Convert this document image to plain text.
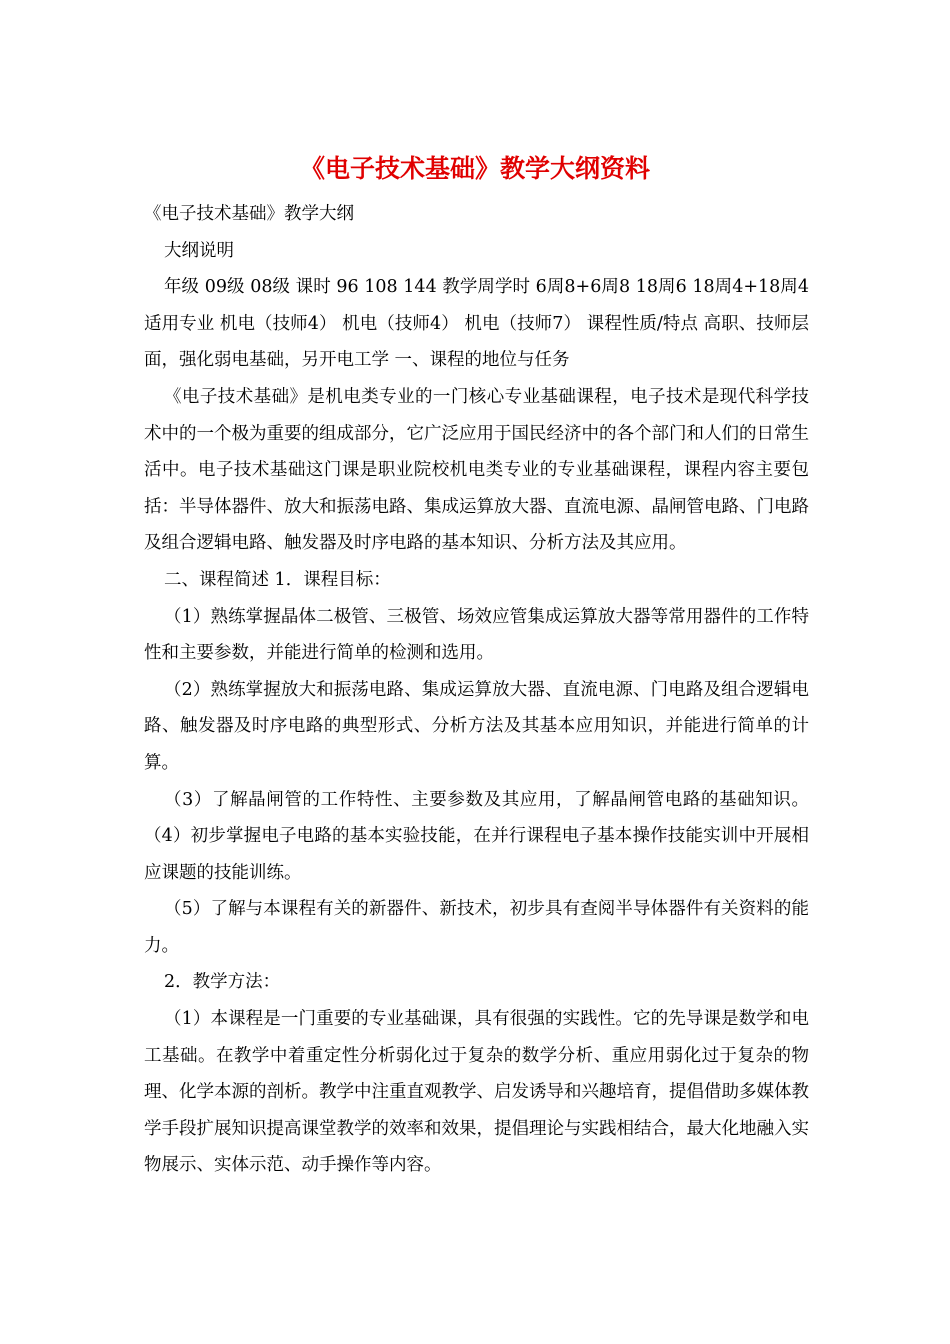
《电子技术基础》教学大纲资料

《电子技术基础》教学大纲

大纲说明

年级 09级 08级 课时 96 108 144 教学周学时 6周8+6周8 18周6 18周4+18周4 适用专业 机电（技师4） 机电（技师4） 机电（技师7） 课程性质/特点 高职、技师层面，强化弱电基础，另开电工学 一、课程的地位与任务

《电子技术基础》是机电类专业的一门核心专业基础课程，电子技术是现代科学技术中的一个极为重要的组成部分，它广泛应用于国民经济中的各个部门和人们的日常生活中。电子技术基础这门课是职业院校机电类专业的专业基础课程，课程内容主要包括：半导体器件、放大和振荡电路、集成运算放大器、直流电源、晶闸管电路、门电路及组合逻辑电路、触发器及时序电路的基本知识、分析方法及其应用。

二、课程简述 1．课程目标：

（1）熟练掌握晶体二极管、三极管、场效应管集成运算放大器等常用器件的工作特性和主要参数，并能进行简单的检测和选用。

（2）熟练掌握放大和振荡电路、集成运算放大器、直流电源、门电路及组合逻辑电路、触发器及时序电路的典型形式、分析方法及其基本应用知识，并能进行简单的计算。

（3）了解晶闸管的工作特性、主要参数及其应用，了解晶闸管电路的基础知识。 （4）初步掌握电子电路的基本实验技能，在并行课程电子基本操作技能实训中开展相应课题的技能训练。

（5）了解与本课程有关的新器件、新技术，初步具有查阅半导体器件有关资料的能力。

2．教学方法：

（1）本课程是一门重要的专业基础课，具有很强的实践性。它的先导课是数学和电工基础。在教学中着重定性分析弱化过于复杂的数学分析、重应用弱化过于复杂的物理、化学本源的剖析。教学中注重直观教学、启发诱导和兴趣培育，提倡借助多媒体教学手段扩展知识提高课堂教学的效率和效果，提倡理论与实践相结合，最大化地融入实物展示、实体示范、动手操作等内容。
